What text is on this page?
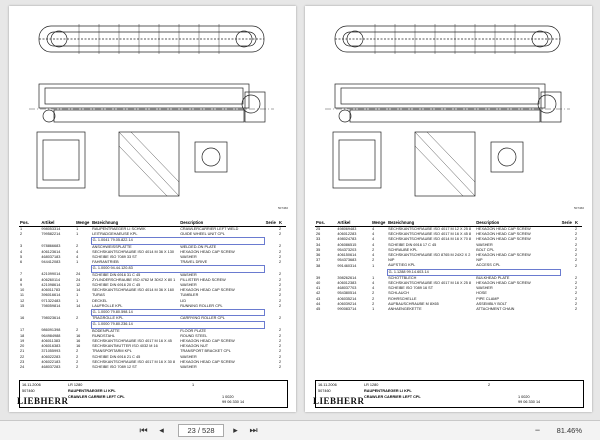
507460
Pos.	Artikel	Menge	Bezeichnung	Description	Serie	K
1	998053314	1	RAUPENTRAEGER LI SCHWK	CRAWLERCARRIER LEFT WELD		2
2	799582214	1	LEITRADGEHAEUSE KPL	GUIDE WHEEL UNIT CPL		2
			G- 1.0041 79.05.822.14			
3	978866683	2	ANSCHWEISSPLATTE	WELDED-ON PLATE		2
4	406123614	4	SECHSKANTSCHRAUBE ISO 4014 M 36 X 130	HEXAGON HEAD CAP SCREW		2
5	468037183	4	SCHEIBE ISO 7089 33 ST	WASHER		2
6	944412083	1	FAHRANTRIEB	TRAVEL DRIVE		2
			G- 1.0000 94.44.120.83			
7	421099014	24	SCHEIBE DIN 6916 31 C 45	WASHER		2
8	406260114	24	ZYLINDERSCHRAUBE ISO 4762 M 30X2 X 80 1	FILLISTER HEAD SCREW		2
9	421098614	12	SCHEIBE DIN 6916 20 C 45	WASHER		2
10	406011783	14	SECHSKANTSCHRAUBE ISO 4014 M 36 X 160	HEXAGON HEAD CAP SCREW		2
11	396016614	1	TURAS	TUMBLER		2
12	971322483	1	DECKEL	LID		2
15	798059814	14	LAUFROLLE KPL	RUNNING ROLLER CPL		2
			G- 1.0000 79.80.598.14			
16	798023614	2	TRAGROLLE KPL	CARRYING ROLLER CPL		2
			G- 1.0000 79.80.236.14			
17	986091398	2	BODENPLATTE	FLOOR PLATE		2
18	964984988	16	RUNDSTAHL	ROUND STEEL		2
19	406011383	16	SECHSKANTSCHRAUBE ISO 4017 M 16 X 45	HEXAGON HEAD CAP SCREW		2
20	406016383	16	SECHSKANTMUTTER ISO 4032 M 16	HEXAGON NUT		2
21	371055993	2	TRANSPORTARM KPL	TRANSPORT BRACKET CPL		2
22	406022283	2	SCHEIBE DIN 6916 21 C 45	WASHER		2
23	406022183	2	SECHSKANTSCHRAUBE ISO 4017 M 16 X 30 8	HEXAGON HEAD CAP SCREW		2
24	468037283	2	SCHEIBE ISO 7089 12 ST	WASHER		2
16.11.2006
507460
LR 1280
RAUPENTRAEGER LI KPL
CRAWLER CARRIER LEFT CPL
1
1 0020
99 06 330 14
LIEBHERR
507460
Pos.	Artikel	Menge	Bezeichnung	Description	Serie	K
25	498069483	4	SECHSKANTSCHRAUBE ISO 4017 M 12 X 25 8	HEXAGON HEAD CAP SCREW		2
26	406012283	4	SECHSKANTSCHRAUBE ISO 4017 M 16 X 45 8	HEXAGON HEAD CAP SCREW		2
33	498024783	4	SECHSKANTSCHRAUBE ISO 4014 M 16 X 70 8	HEXAGON HEAD CAP SCREW		2
34	406086515	4	SCHEIBE DIN 6916 17 C 45	WASHER		2
35	954373203	2	SCHRAUBE KPL	BOLT CPL		2
36	406150614	4	SECHSKANTSCHRAUBE ISO 8765 M 24X2 X 2	HEXAGON HEAD CAP SCREW		2
37	954373683	2	NIP	NIP		2
38	991460314	1	AUFSTIEG KPL	ACCESS CPL		2
			G- 1.1288 99.14.603.14			
39	398262614	1	SCHOTTBLECH	BULKHEAD PLATE		2
40	406012383	4	SECHSKANTSCHRAUBE ISO 4017 M 16 X 25 8	HEXAGON HEAD CAP SCREW		2
41	468037703	4	SCHEIBE ISO 7089 16 ST	WASHER		2
42	954380514	2	SCHLAUCH	HOSE		2
43	406035214	2	ROHRSCHELLE	PIPE CLAMP		2
44	406039214	2	AUFBAUSCHRAUBE M 8X65	ASSEMBLY BOLT		2
45	990083714	1	ANHAENGEKETTE	ATTACHMENT CHAIN		2
16.11.2006
507460
LR 1280
RAUPENTRAEGER LI KPL
CRAWLER CARRIER LEFT CPL
2
1 0020
99 06 330 14
LIEBHERR
⏮	◂	23 / 528	▸	⏭	−	81.46%
